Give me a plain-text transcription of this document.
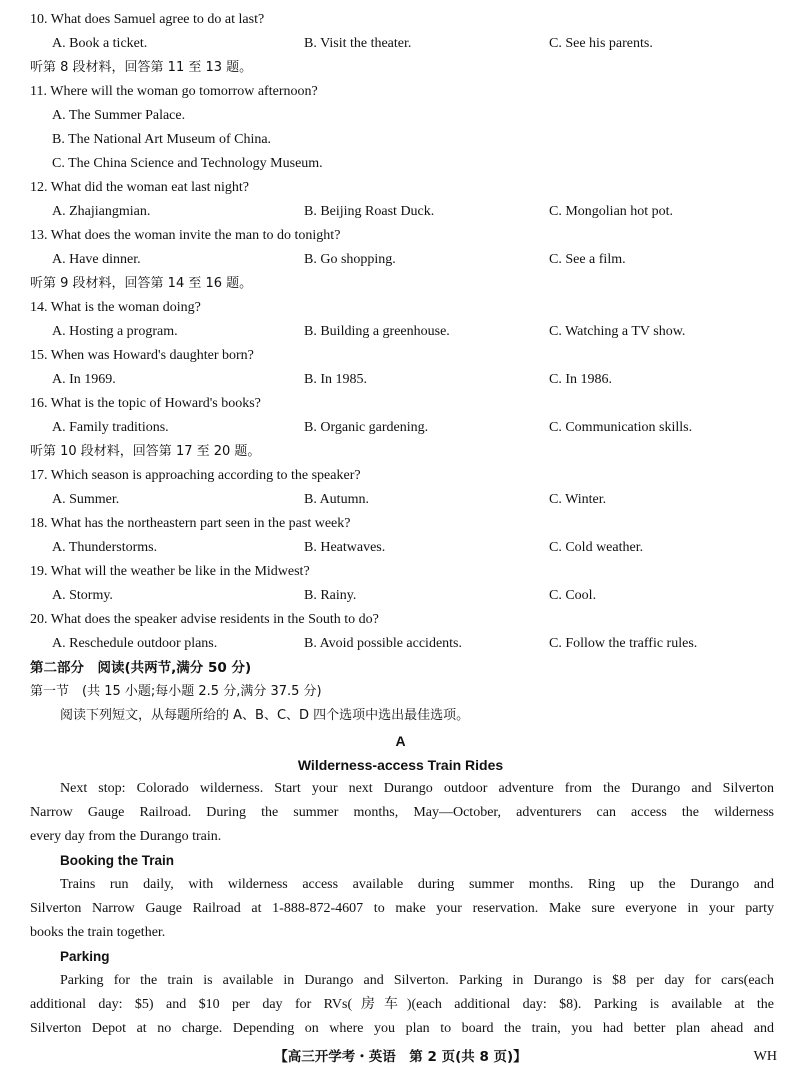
10. What does Samuel agree to do at last?
A. Book a ticket.	B. Visit the theater.	C. See his parents.
听第 8 段材料，回答第 11 至 13 题。
11. Where will the woman go tomorrow afternoon?
A. The Summer Palace.
B. The National Art Museum of China.
C. The China Science and Technology Museum.
12. What did the woman eat last night?
A. Zhajiangmian.	B. Beijing Roast Duck.	C. Mongolian hot pot.
13. What does the woman invite the man to do tonight?
A. Have dinner.	B. Go shopping.	C. See a film.
听第 9 段材料，回答第 14 至 16 题。
14. What is the woman doing?
A. Hosting a program.	B. Building a greenhouse.	C. Watching a TV show.
15. When was Howard's daughter born?
A. In 1969.	B. In 1985.	C. In 1986.
16. What is the topic of Howard's books?
A. Family traditions.	B. Organic gardening.	C. Communication skills.
听第 10 段材料，回答第 17 至 20 题。
17. Which season is approaching according to the speaker?
A. Summer.	B. Autumn.	C. Winter.
18. What has the northeastern part seen in the past week?
A. Thunderstorms.	B. Heatwaves.	C. Cold weather.
19. What will the weather be like in the Midwest?
A. Stormy.	B. Rainy.	C. Cool.
20. What does the speaker advise residents in the South to do?
A. Reschedule outdoor plans.	B. Avoid possible accidents.	C. Follow the traffic rules.
第二部分　阅读(共两节,满分 50 分)
第一节　(共 15 小题;每小题 2.5 分,满分 37.5 分)
阅读下列短文，从每题所给的 A、B、C、D 四个选项中选出最佳选项。
A
Wilderness-access Train Rides
Next stop: Colorado wilderness. Start your next Durango outdoor adventure from the Durango and Silverton
Narrow Gauge Railroad. During the summer months, May—October, adventurers can access the wilderness
every day from the Durango train.
Booking the Train
Trains run daily, with wilderness access available during summer months. Ring up the Durango and
Silverton Narrow Gauge Railroad at 1-888-872-4607 to make your reservation. Make sure everyone in your party
books the train together.
Parking
Parking for the train is available in Durango and Silverton. Parking in Durango is $8 per day for cars(each
additional day: $5) and $10 per day for RVs(房车)(each additional day: $8). Parking is available at the
Silverton Depot at no charge. Depending on where you plan to board the train, you had better plan ahead and
【高三开学考・英语　第 2 页(共 8 页)】	WH
